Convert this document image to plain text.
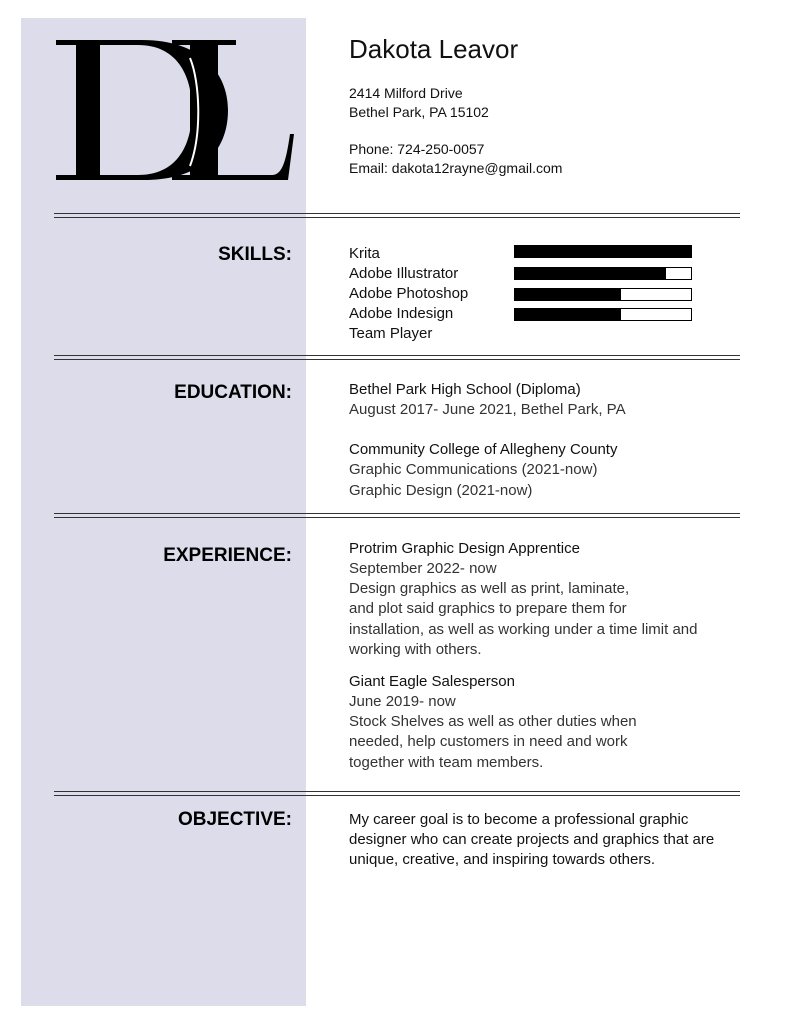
Dakota Leavor
2414 Milford Drive
Bethel Park, PA 15102
Phone: 724-250-0057
Email: dakota12rayne@gmail.com
SKILLS:	Krita
Adobe Illustrator
Adobe Photoshop
Adobe Indesign
Team Player
EDUCATION:	Bethel Park High School (Diploma)
August 2017- June 2021, Bethel Park, PA
Community College of Allegheny County
Graphic Communications (2021-now)
Graphic Design (2021-now)
EXPERIENCE:	Protrim Graphic Design Apprentice
September 2022- now
Design graphics as well as print, laminate,
and plot said graphics to prepare them for
installation, as well as working under a time limit and
working with others.
Giant Eagle Salesperson
June 2019- now
Stock Shelves as well as other duties when
needed, help customers in need and work
together with team members.
OBJECTIVE:	My career goal is to become a professional graphic
designer who can create projects and graphics that are
unique, creative, and inspiring towards others.
